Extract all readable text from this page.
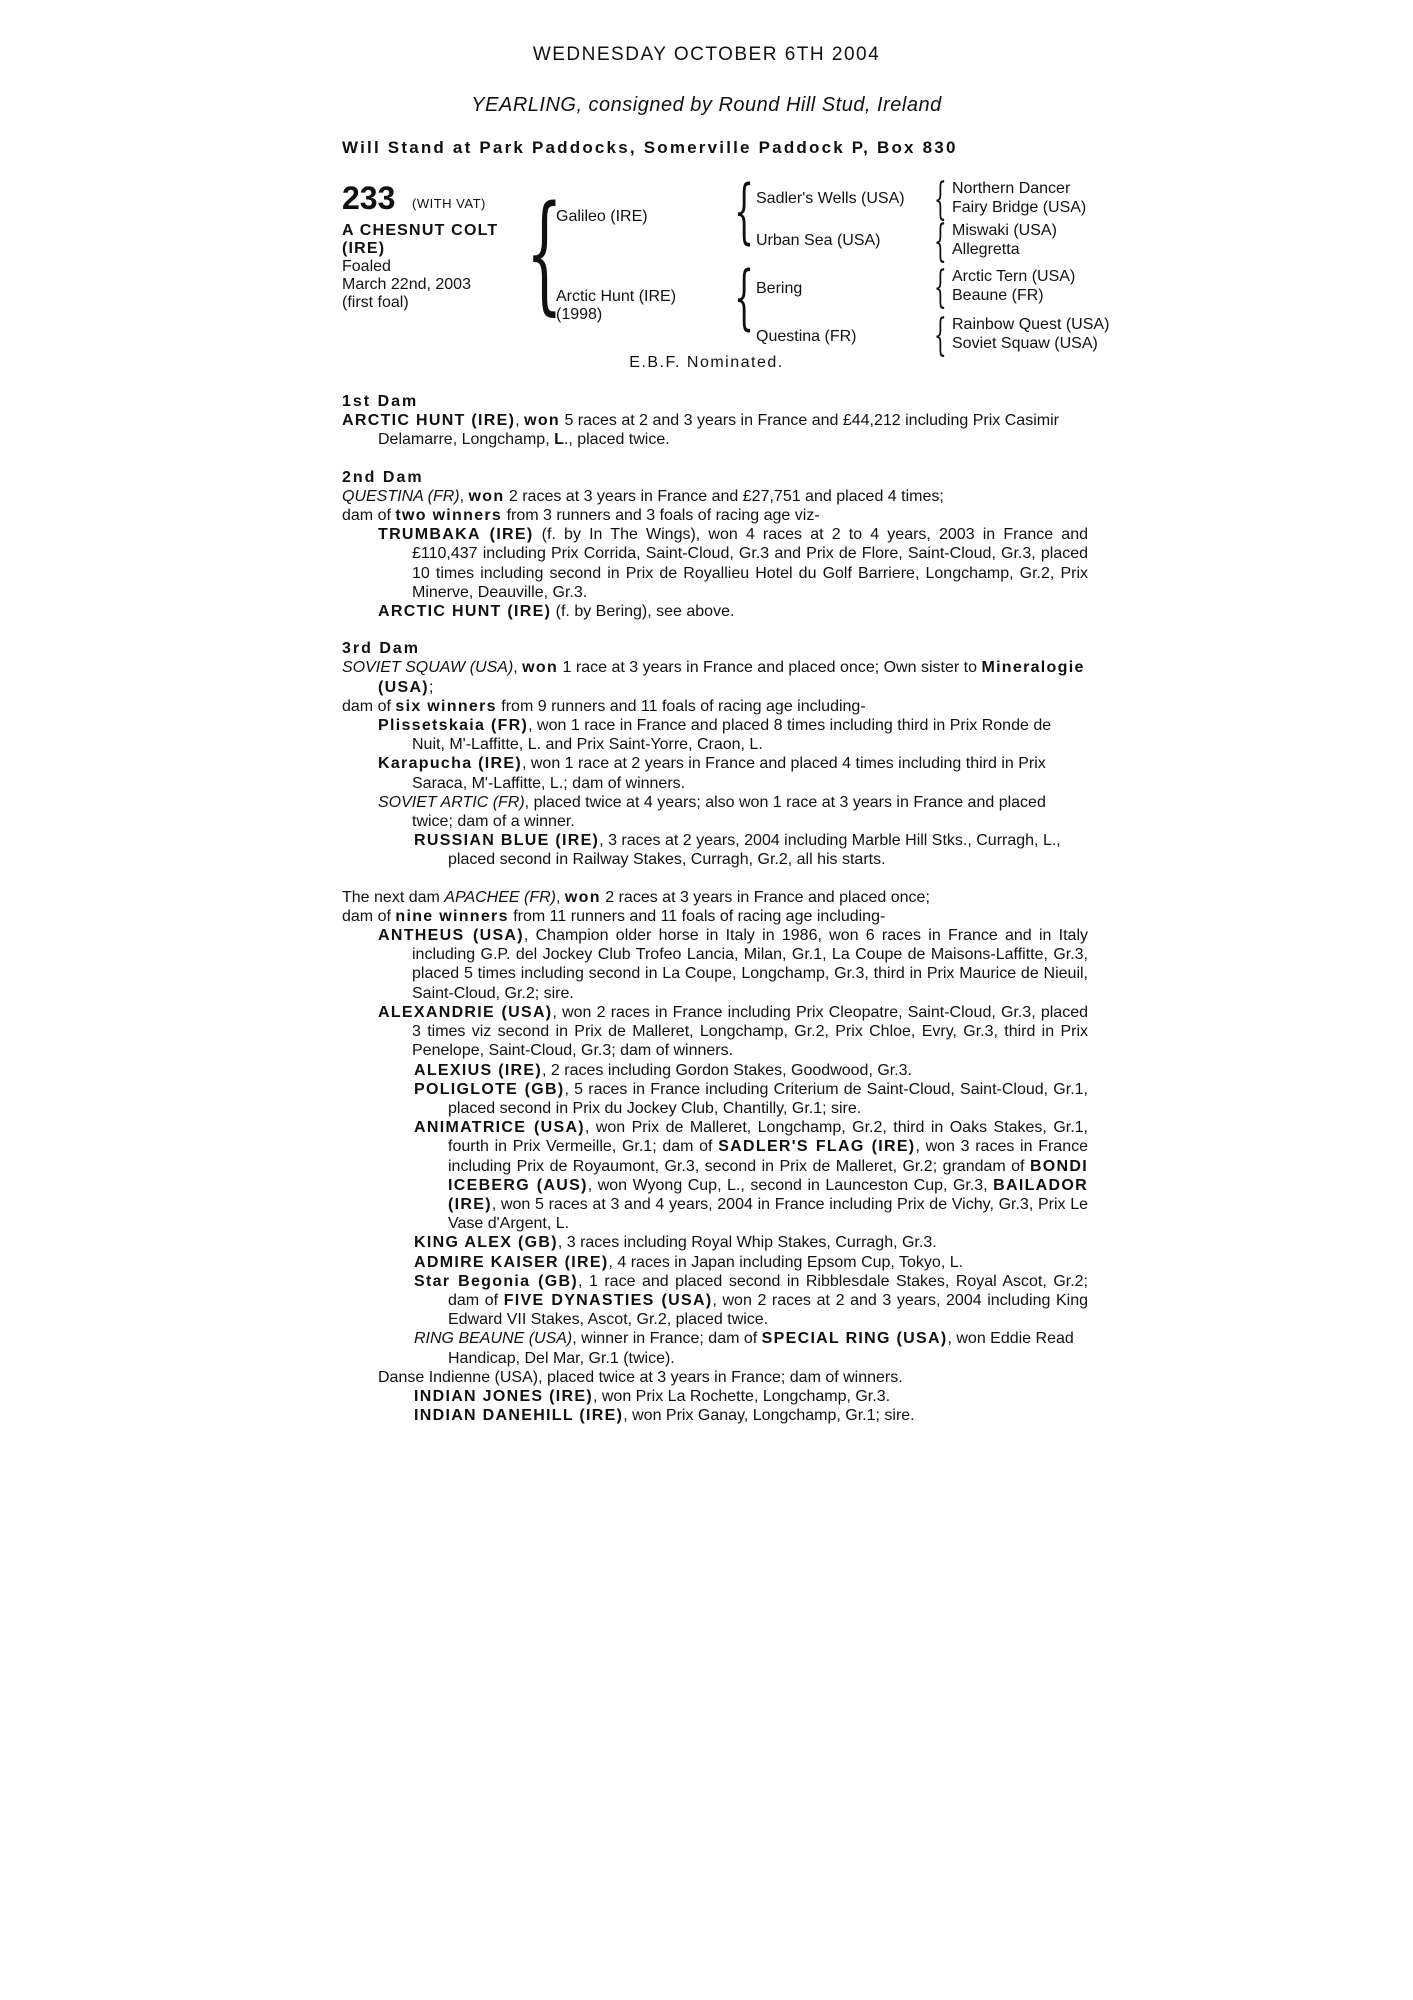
WEDNESDAY OCTOBER 6TH 2004
YEARLING, consigned by Round Hill Stud, Ireland
Will Stand at Park Paddocks, Somerville Paddock P, Box 830
233 (WITH VAT)
A CHESNUT COLT
(IRE)
Foaled
March 22nd, 2003
(first foal) {
Galileo (IRE)
Arctic Hunt (IRE)
(1998)
{
{
Sadler's Wells (USA)
Urban Sea (USA)
Bering
Questina (FR)
{
{
{
{
Northern Dancer
Fairy Bridge (USA)
Miswaki (USA)
Allegretta
Arctic Tern (USA)
Beaune (FR)
Rainbow Quest (USA)
Soviet Squaw (USA)
E.B.F. Nominated.
1st Dam

ARCTIC HUNT (IRE), won 5 races at 2 and 3 years in France and £44,212 including Prix Casimir Delamarre, Longchamp, L., placed twice.

2nd Dam

QUESTINA (FR), won 2 races at 3 years in France and £27,751 and placed 4 times;

dam of two winners from 3 runners and 3 foals of racing age viz-

TRUMBAKA (IRE) (f. by In The Wings), won 4 races at 2 to 4 years, 2003 in France and £110,437 including Prix Corrida, Saint-Cloud, Gr.3 and Prix de Flore, Saint-Cloud, Gr.3, placed 10 times including second in Prix de Royallieu Hotel du Golf Barriere, Longchamp, Gr.2, Prix Minerve, Deauville, Gr.3.

ARCTIC HUNT (IRE) (f. by Bering), see above.

3rd Dam

SOVIET SQUAW (USA), won 1 race at 3 years in France and placed once; Own sister to Mineralogie (USA);

dam of six winners from 9 runners and 11 foals of racing age including-

Plissetskaia (FR), won 1 race in France and placed 8 times including third in Prix Ronde de Nuit, M'-Laffitte, L. and Prix Saint-Yorre, Craon, L.

Karapucha (IRE), won 1 race at 2 years in France and placed 4 times including third in Prix Saraca, M'-Laffitte, L.; dam of winners.

SOVIET ARTIC (FR), placed twice at 4 years; also won 1 race at 3 years in France and placed twice; dam of a winner.

RUSSIAN BLUE (IRE), 3 races at 2 years, 2004 including Marble Hill Stks., Curragh, L., placed second in Railway Stakes, Curragh, Gr.2, all his starts.

The next dam APACHEE (FR), won 2 races at 3 years in France and placed once;

dam of nine winners from 11 runners and 11 foals of racing age including-

ANTHEUS (USA), Champion older horse in Italy in 1986, won 6 races in France and in Italy including G.P. del Jockey Club Trofeo Lancia, Milan, Gr.1, La Coupe de Maisons-Laffitte, Gr.3, placed 5 times including second in La Coupe, Longchamp, Gr.3, third in Prix Maurice de Nieuil, Saint-Cloud, Gr.2; sire.

ALEXANDRIE (USA), won 2 races in France including Prix Cleopatre, Saint-Cloud, Gr.3, placed 3 times viz second in Prix de Malleret, Longchamp, Gr.2, Prix Chloe, Evry, Gr.3, third in Prix Penelope, Saint-Cloud, Gr.3; dam of winners.

ALEXIUS (IRE), 2 races including Gordon Stakes, Goodwood, Gr.3.

POLIGLOTE (GB), 5 races in France including Criterium de Saint-Cloud, Saint-Cloud, Gr.1, placed second in Prix du Jockey Club, Chantilly, Gr.1; sire.

ANIMATRICE (USA), won Prix de Malleret, Longchamp, Gr.2, third in Oaks Stakes, Gr.1, fourth in Prix Vermeille, Gr.1; dam of SADLER'S FLAG (IRE), won 3 races in France including Prix de Royaumont, Gr.3, second in Prix de Malleret, Gr.2; grandam of BONDI ICEBERG (AUS), won Wyong Cup, L., second in Launceston Cup, Gr.3, BAILADOR (IRE), won 5 races at 3 and 4 years, 2004 in France including Prix de Vichy, Gr.3, Prix Le Vase d'Argent, L.

KING ALEX (GB), 3 races including Royal Whip Stakes, Curragh, Gr.3.

ADMIRE KAISER (IRE), 4 races in Japan including Epsom Cup, Tokyo, L.

Star Begonia (GB), 1 race and placed second in Ribblesdale Stakes, Royal Ascot, Gr.2; dam of FIVE DYNASTIES (USA), won 2 races at 2 and 3 years, 2004 including King Edward VII Stakes, Ascot, Gr.2, placed twice.

RING BEAUNE (USA), winner in France; dam of SPECIAL RING (USA), won Eddie Read Handicap, Del Mar, Gr.1 (twice).

Danse Indienne (USA), placed twice at 3 years in France; dam of winners.

INDIAN JONES (IRE), won Prix La Rochette, Longchamp, Gr.3.

INDIAN DANEHILL (IRE), won Prix Ganay, Longchamp, Gr.1; sire.
